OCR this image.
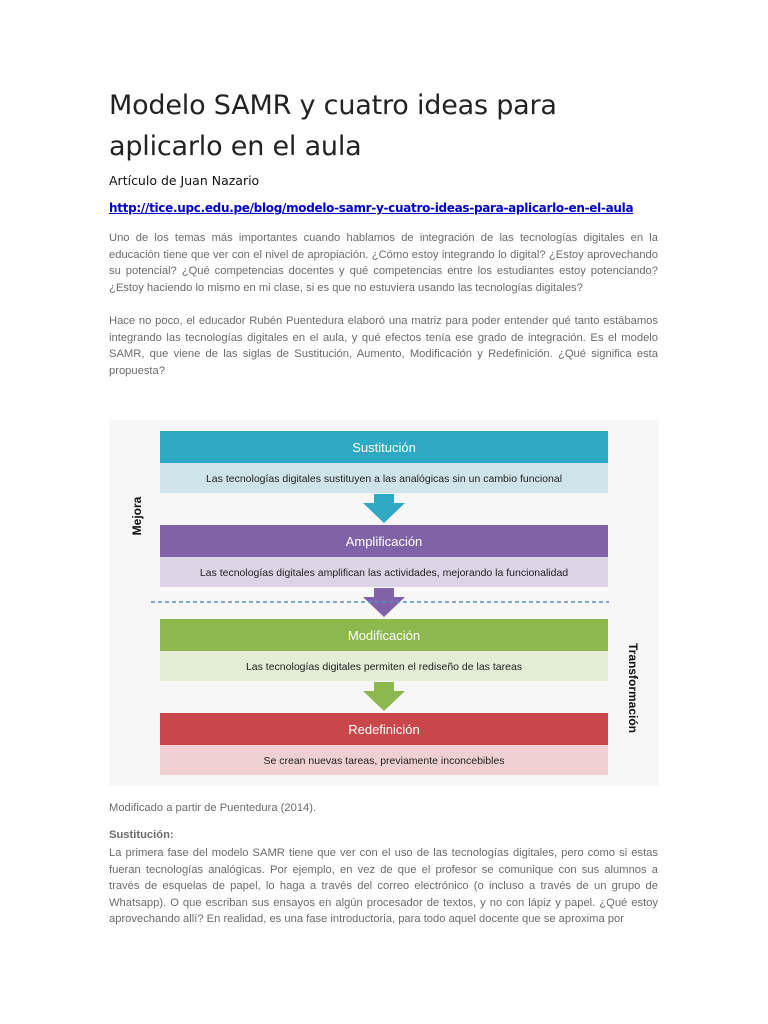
Modelo SAMR y cuatro ideas para aplicarlo en el aula
Artículo de Juan Nazario
http://tice.upc.edu.pe/blog/modelo-samr-y-cuatro-ideas-para-aplicarlo-en-el-aula

Uno de los temas más importantes cuando hablamos de integración de las tecnologías digitales en la educación tiene que ver con el nivel de apropiación. ¿Cómo estoy integrando lo digital? ¿Estoy aprovechando su potencial? ¿Qué competencias docentes y qué competencias entre los estudiantes estoy potenciando? ¿Estoy haciendo lo mismo en mi clase, si es que no estuviera usando las tecnologías digitales?

Hace no poco, el educador Rubén Puentedura elaboró una matriz para poder entender qué tanto estábamos integrando las tecnologías digitales en el aula, y qué efectos tenía ese grado de integración. Es el modelo SAMR, que viene de las siglas de Sustitución, Aumento, Modificación y Redefinición. ¿Qué significa esta propuesta?

Sustitución
Las tecnologías digitales sustituyen a las analógicas sin un cambio funcional
Amplificación
Las tecnologías digitales amplifican las actividades, mejorando la funcionalidad
Modificación
Las tecnologías digitales permiten el rediseño de las tareas
Redefinición
Se crean nuevas tareas, previamente inconcebibles
Mejora
Transformación
Modificado a partir de Puentedura (2014).
Sustitución:

La primera fase del modelo SAMR tiene que ver con el uso de las tecnologías digitales, pero como si estas fueran tecnologías analógicas. Por ejemplo, en vez de que el profesor se comunique con sus alumnos a través de esquelas de papel, lo haga a través del correo electrónico (o incluso a través de un grupo de Whatsapp). O que escriban sus ensayos en algún procesador de textos, y no con lápiz y papel. ¿Qué estoy aprovechando allí? En realidad, es una fase introductoria, para todo aquel docente que se aproxima por
